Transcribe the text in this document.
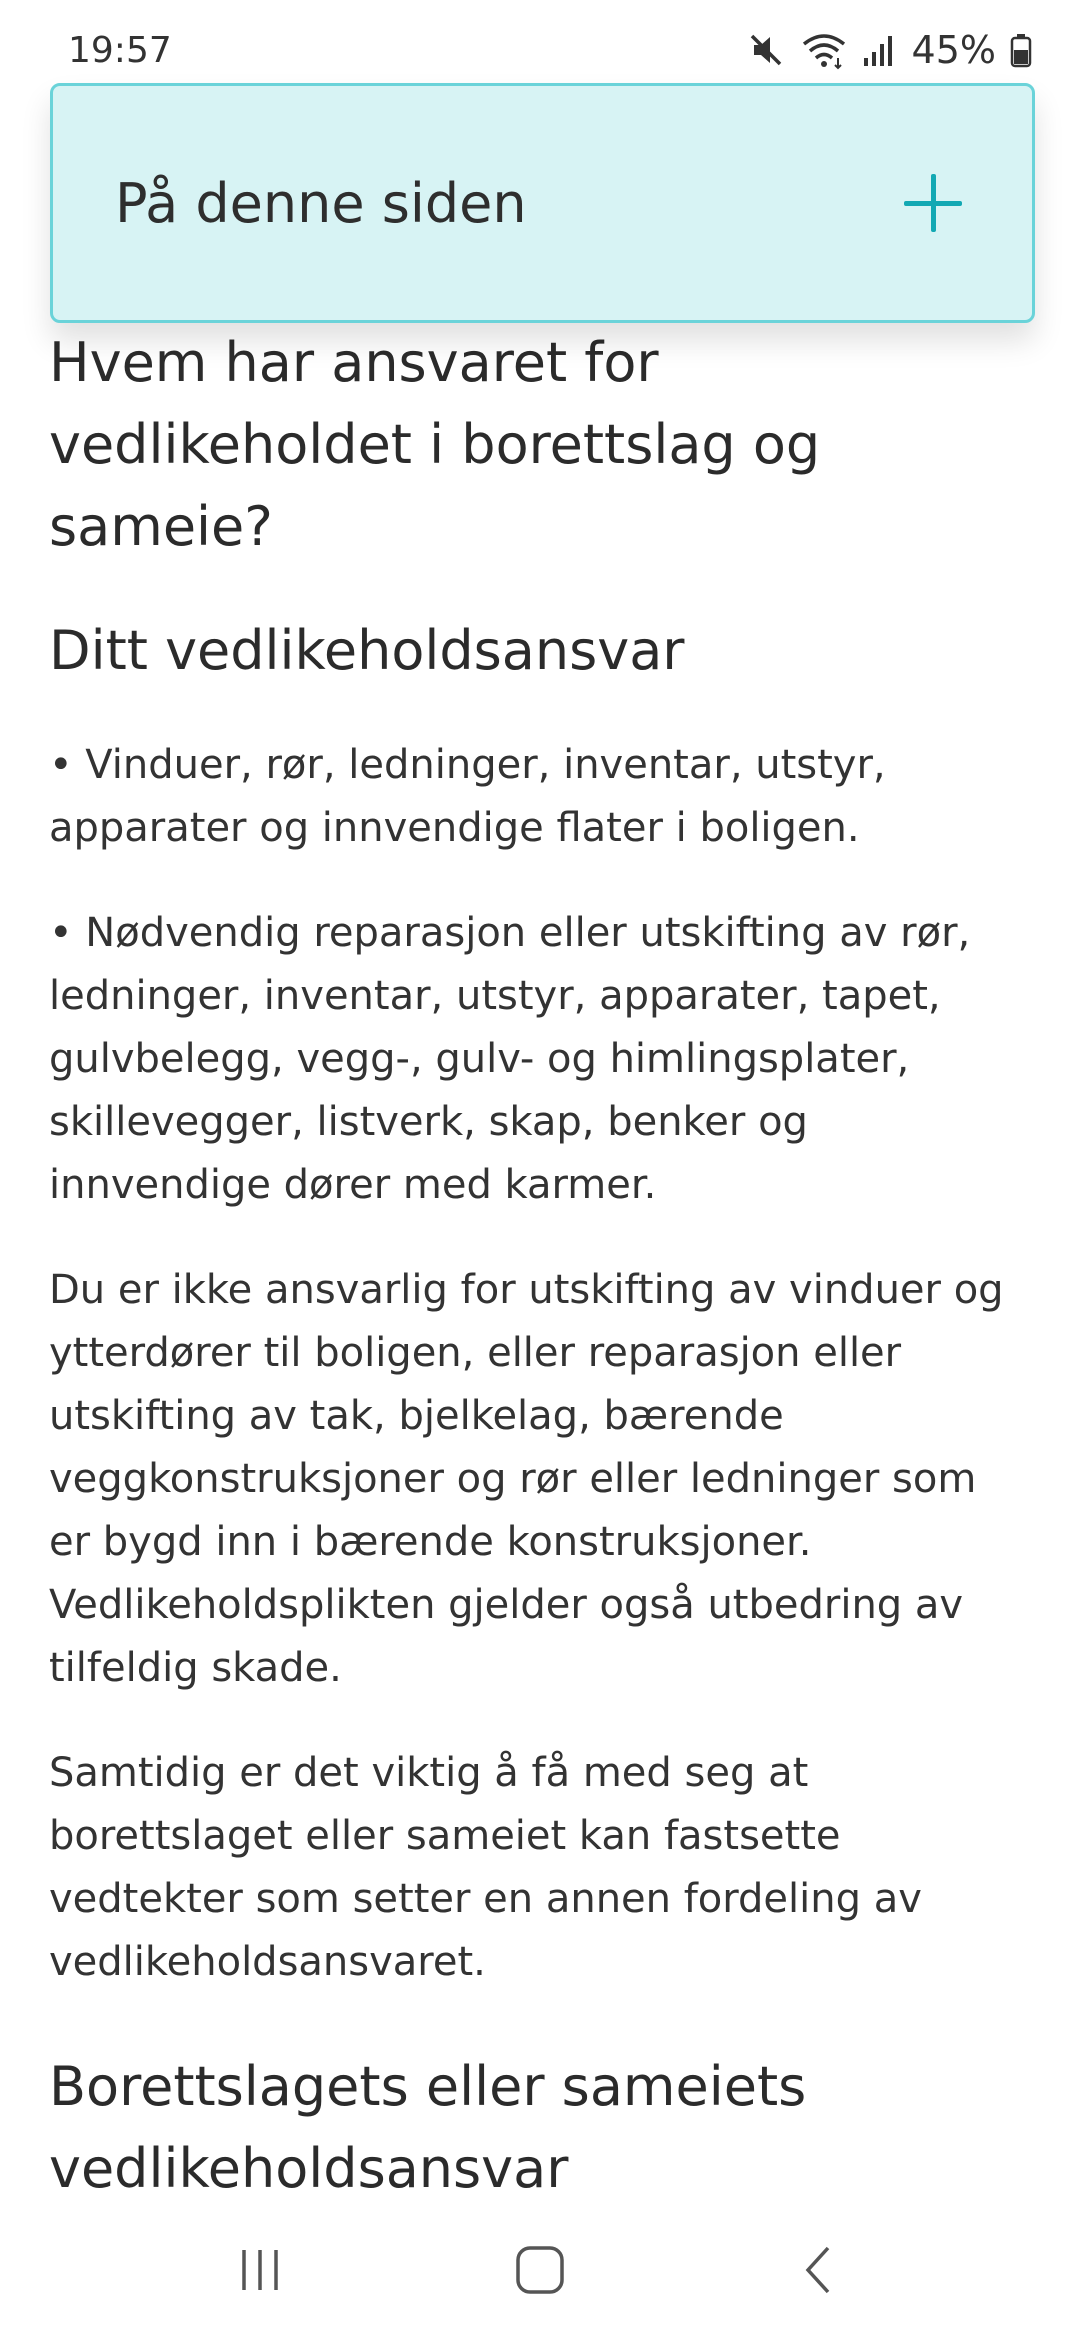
19:57	45%
På denne siden
Hvem har ansvaret for vedlikeholdet i borettslag og sameie?
Ditt vedlikeholdsansvar

• Vinduer, rør, ledninger, inventar, utstyr, apparater og innvendige flater i boligen.

• Nødvendig reparasjon eller utskifting av rør, ledninger, inventar, utstyr, apparater, tapet, gulvbelegg, vegg-, gulv- og himlingsplater, skillevegger, listverk, skap, benker og innvendige dører med karmer.

Du er ikke ansvarlig for utskifting av vinduer og ytterdører til boligen, eller reparasjon eller utskifting av tak, bjelkelag, bærende veggkonstruksjoner og rør eller ledninger som er bygd inn i bærende konstruksjoner. Vedlikeholdsplikten gjelder også utbedring av tilfeldig skade.

Samtidig er det viktig å få med seg at borettslaget eller sameiet kan fastsette vedtekter som setter en annen fordeling av vedlikeholdsansvaret.

Borettslagets eller sameiets vedlikeholdsansvar
